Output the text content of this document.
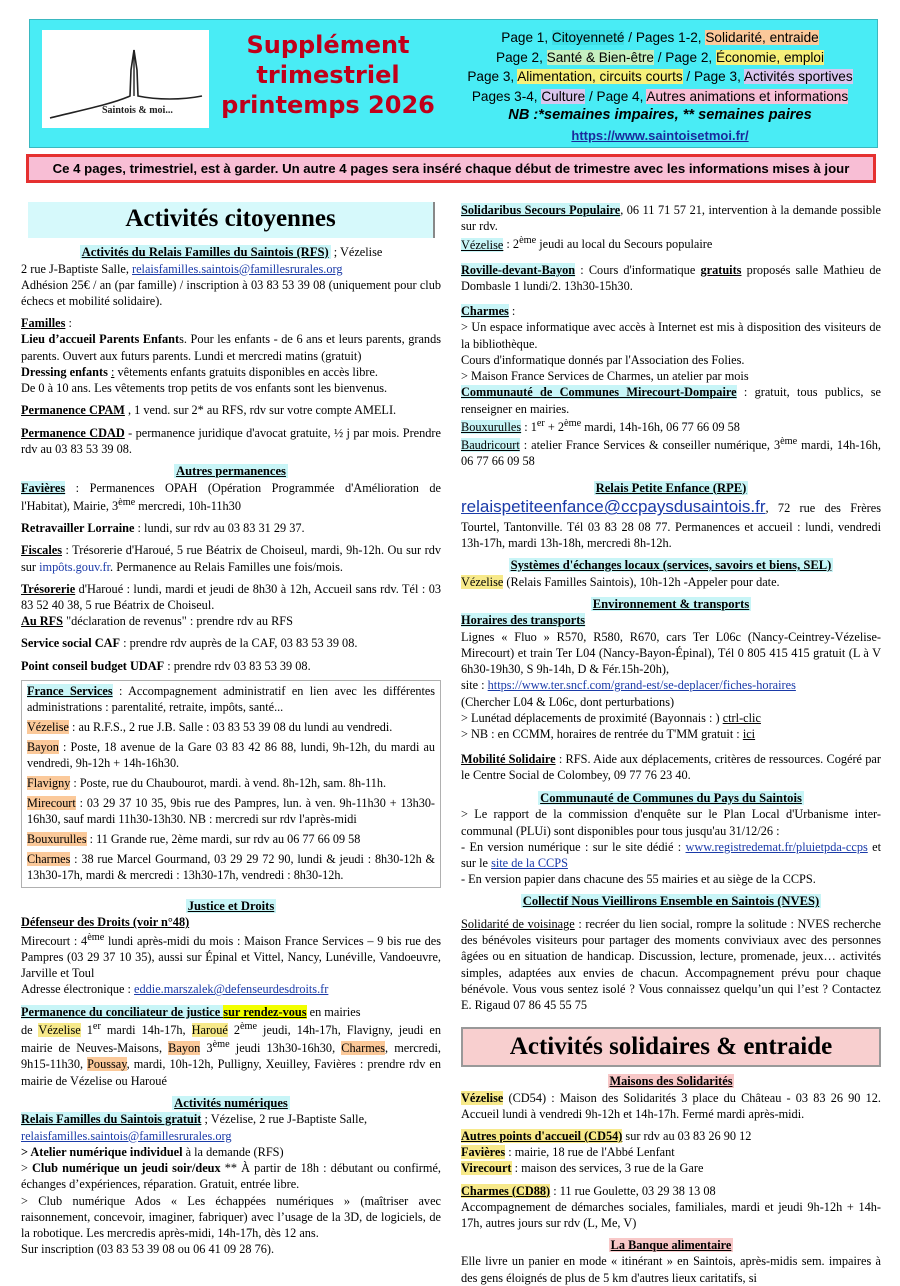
Saintois & moi...
Supplément
trimestriel
printemps 2026
Page 1, Citoyenneté / Pages 1-2, Solidarité, entraide
Page 2, Santé & Bien-être / Page 2, Économie, emploi
Page 3, Alimentation, circuits courts / Page 3, Activités sportives
Pages 3-4, Culture / Page 4, Autres animations et informations
NB :*semaines impaires, ** semaines paires
https://www.saintoisetmoi.fr/
Ce 4 pages, trimestriel, est à garder. Un autre 4 pages sera inséré chaque début de trimestre avec les informations mises à jour
Activités citoyennes
Activités du Relais Familles du Saintois (RFS) ; Vézelise

2 rue J-Baptiste Salle, relaisfamilles.saintois@famillesrurales.org

Adhésion 25€ / an (par famille) / inscription à 03 83 53 39 08 (uniquement pour club échecs et mobilité solidaire).

Familles :

Lieu d’accueil Parents Enfants. Pour les enfants - de 6 ans et leurs parents, grands parents. Ouvert aux futurs parents. Lundi et mercredi matins (gratuit)

Dressing enfants : vêtements enfants gratuits disponibles en accès libre.

De 0 à 10 ans. Les vêtements trop petits de vos enfants sont les bienvenus.

Permanence CPAM , 1 vend. sur 2* au RFS, rdv sur votre compte AMELI.

Permanence CDAD - permanence juridique d'avocat gratuite, ½ j par mois. Prendre rdv au 03 83 53 39 08.

Autres permanences

Favières : Permanences OPAH (Opération Programmée d'Amélioration de l'Habitat), Mairie, 3ème mercredi, 10h-11h30

Retravailler Lorraine : lundi, sur rdv au 03 83 31 29 37.

Fiscales : Trésorerie d'Haroué, 5 rue Béatrix de Choiseul, mardi, 9h-12h. Ou sur rdv sur impôts.gouv.fr. Permanence au Relais Familles une fois/mois.

Trésorerie d'Haroué : lundi, mardi et jeudi de 8h30 à 12h, Accueil sans rdv. Tél : 03 83 52 40 38, 5 rue Béatrix de Choiseul.

Au RFS "déclaration de revenus" : prendre rdv au RFS

Service social CAF : prendre rdv auprès de la CAF, 03 83 53 39 08.

Point conseil budget UDAF : prendre rdv 03 83 53 39 08.

France Services : Accompagnement administratif en lien avec les différentes administrations : parentalité, retraite, impôts, santé...

Vézelise : au R.F.S., 2 rue J.B. Salle : 03 83 53 39 08 du lundi au vendredi.

Bayon : Poste, 18 avenue de la Gare 03 83 42 86 88, lundi, 9h-12h, du mardi au vendredi, 9h-12h + 14h-16h30.

Flavigny : Poste, rue du Chaubourot, mardi. à vend. 8h-12h, sam. 8h-11h.

Mirecourt : 03 29 37 10 35, 9bis rue des Pampres, lun. à ven. 9h-11h30 + 13h30-16h30, sauf mardi 11h30-13h30. NB : mercredi sur rdv l'après-midi

Bouxurulles : 11 Grande rue, 2ème mardi, sur rdv au 06 77 66 09 58

Charmes : 38 rue Marcel Gourmand, 03 29 29 72 90, lundi & jeudi : 8h30-12h & 13h30-17h, mardi & mercredi : 13h30-17h, vendredi : 8h30-12h.

Justice et Droits

Défenseur des Droits (voir n°48)

Mirecourt : 4ème lundi après-midi du mois : Maison France Services – 9 bis rue des Pampres (03 29 37 10 35), aussi sur Épinal et Vittel, Nancy, Lunéville, Vandoeuvre, Jarville et Toul

Adresse électronique : eddie.marszalek@defenseurdesdroits.fr

Permanence du conciliateur de justice sur rendez-vous en mairies

de Vézelise 1er mardi 14h-17h, Haroué 2ème jeudi, 14h-17h, Flavigny, jeudi en mairie de Neuves-Maisons, Bayon 3ème jeudi 13h30-16h30, Charmes, mercredi, 9h15-11h30, Poussay, mardi, 10h-12h, Pulligny, Xeuilley, Favières : prendre rdv en mairie de Vézelise ou Haroué

Activités numériques

Relais Familles du Saintois gratuit ; Vézelise, 2 rue J-Baptiste Salle,

relaisfamilles.saintois@famillesrurales.org

> Atelier numérique individuel à la demande (RFS)

> Club numérique un jeudi soir/deux ** À partir de 18h : débutant ou confirmé, échanges d’expériences, réparation. Gratuit, entrée libre.

> Club numérique Ados « Les échappées numériques » (maîtriser avec raisonnement, concevoir, imaginer, fabriquer) avec l’usage de la 3D, de logiciels, de la robotique. Les mercredis après-midi, 14h-17h, dès 12 ans.

Sur inscription (03 83 53 39 08 ou 06 41 09 28 76).

Solidaribus Secours Populaire, 06 11 71 57 21, intervention à la demande possible sur rdv.

Vézelise : 2ème jeudi au local du Secours populaire

Roville-devant-Bayon : Cours d'informatique gratuits proposés salle Mathieu de Dombasle 1 lundi/2. 13h30-15h30.

Charmes :

> Un espace informatique avec accès à Internet est mis à disposition des visiteurs de la bibliothèque.

Cours d'informatique donnés par l'Association des Folies.

> Maison France Services de Charmes, un atelier par mois

Communauté de Communes Mirecourt-Dompaire : gratuit, tous publics, se renseigner en mairies.

Bouxurulles : 1er + 2ème mardi, 14h-16h, 06 77 66 09 58

Baudricourt : atelier France Services & conseiller numérique, 3ème mardi, 14h-16h, 06 77 66 09 58

Relais Petite Enfance (RPE)

relaispetiteenfance@ccpaysdusaintois.fr, 72 rue des Frères Tourtel, Tantonville. Tél 03 83 28 08 77. Permanences et accueil : lundi, vendredi 13h-17h, mardi 13h-18h, mercredi 8h-12h.

Systèmes d'échanges locaux (services, savoirs et biens, SEL)

Vézelise (Relais Familles Saintois), 10h-12h -Appeler pour date.

Environnement & transports

Horaires des transports

Lignes « Fluo » R570, R580, R670, cars Ter L06c (Nancy-Ceintrey-Vézelise-Mirecourt) et train Ter L04 (Nancy-Bayon-Épinal), Tél 0 805 415 415 gratuit (L à V 6h30-19h30, S 9h-14h, D & Fér.15h-20h),

site : https://www.ter.sncf.com/grand-est/se-deplacer/fiches-horaires

(Chercher L04 & L06c, dont perturbations)

> Lunétad déplacements de proximité (Bayonnais : ) ctrl-clic

> NB : en CCMM, horaires de rentrée du T'MM gratuit : ici

Mobilité Solidaire : RFS. Aide aux déplacements, critères de ressources. Cogéré par le Centre Social de Colombey, 09 77 76 23 40.

Communauté de Communes du Pays du Saintois

> Le rapport de la commission d'enquête sur le Plan Local d'Urbanisme inter-communal (PLUi) sont disponibles pour tous jusqu'au 31/12/26 :

- En version numérique : sur le site dédié : www.registredemat.fr/pluietpda-ccps et sur le site de la CCPS

- En version papier dans chacune des 55 mairies et au siège de la CCPS.

Collectif Nous Vieillirons Ensemble en Saintois (NVES)

Solidarité de voisinage : recréer du lien social, rompre la solitude : NVES recherche des bénévoles visiteurs pour partager des moments conviviaux avec des personnes âgées ou en situation de handicap. Discussion, lecture, promenade, jeux… activités simples, adaptées aux envies de chacun. Accompagnement prévu pour chaque bénévole. Vous vous sentez isolé ? Vous connaissez quelqu’un qui l’est ? Contactez E. Rigaud 07 86 45 55 75

Activités solidaires & entraide
Maisons des Solidarités

Vézelise (CD54) : Maison des Solidarités 3 place du Château - 03 83 26 90 12. Accueil lundi à vendredi 9h-12h et 14h-17h. Fermé mardi après-midi.

Autres points d'accueil (CD54) sur rdv au 03 83 26 90 12

Favières : mairie, 18 rue de l'Abbé Lenfant

Virecourt : maison des services, 3 rue de la Gare

Charmes (CD88) : 11 rue Goulette, 03 29 38 13 08

Accompagnement de démarches sociales, familiales, mardi et jeudi 9h-12h + 14h-17h, autres jours sur rdv (L, Me, V)

La Banque alimentaire

Elle livre un panier en mode « itinérant » en Saintois, après-midis sem. impaires à des gens éloignés de plus de 5 km d'autres lieux caritatifs, si
